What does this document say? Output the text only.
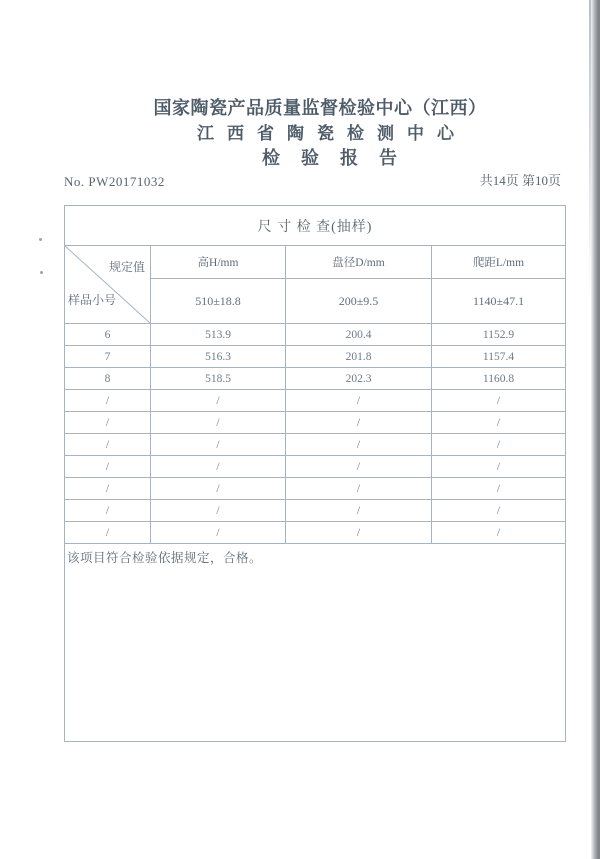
国家陶瓷产品质量监督检验中心（江西）
江西省陶瓷检测中心
检验报告
No. PW20171032	共14页 第10页
尺 寸 检 查(抽样)			

规定值
样品小号	高H/mm	盘径D/mm	爬距L/mm
	510±18.8	200±9.5	1140±47.1
6	513.9	200.4	1152.9
7	516.3	201.8	1157.4
8	518.5	202.3	1160.8
/	/	/	/
/	/	/	/
/	/	/	/
/	/	/	/
/	/	/	/
/	/	/	/
/	/	/	/
该项目符合检验依据规定，合格。			
